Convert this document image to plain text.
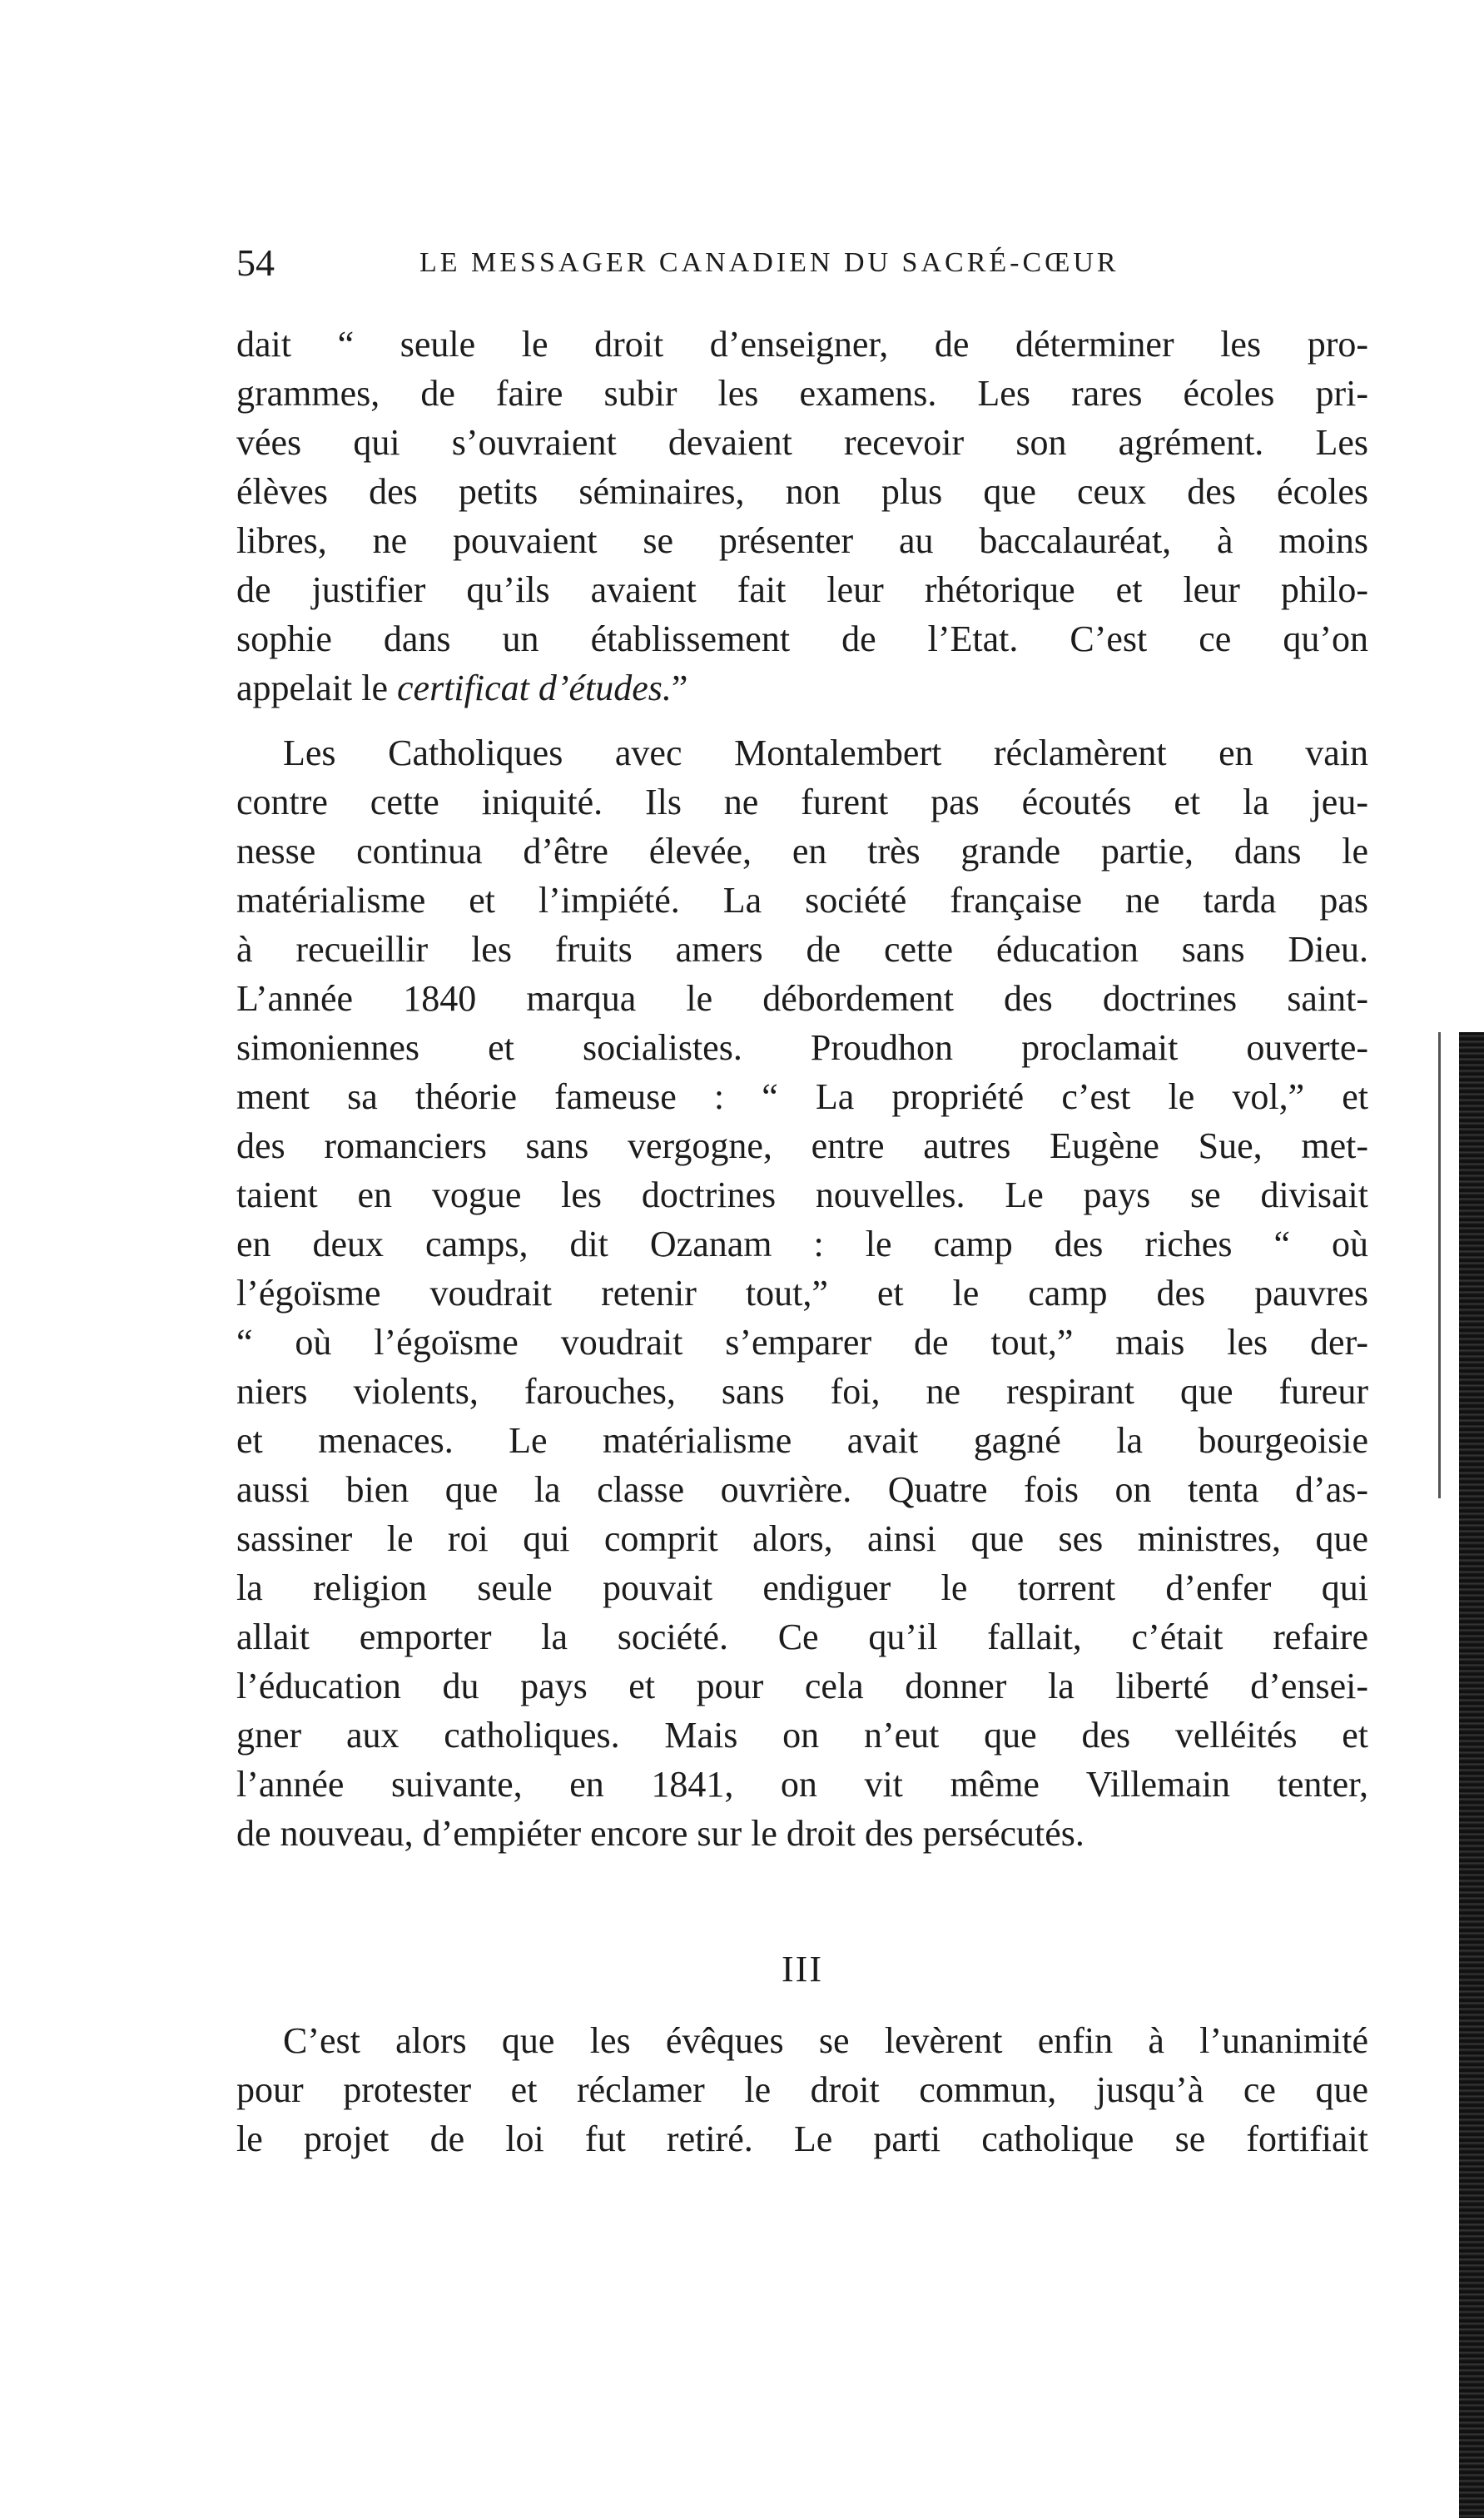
54	LE MESSAGER CANADIEN DU SACRÉ-CŒUR
dait “ seule le droit d’enseigner, de déterminer les pro-
grammes, de faire subir les examens. Les rares écoles pri-
vées qui s’ouvraient devaient recevoir son agrément. Les
élèves des petits séminaires, non plus que ceux des écoles
libres, ne pouvaient se présenter au baccalauréat, à moins
de justifier qu’ils avaient fait leur rhétorique et leur philo-
sophie dans un établissement de l’Etat. C’est ce qu’on
appelait le certificat d’études.”
Les Catholiques avec Montalembert réclamèrent en vain
contre cette iniquité. Ils ne furent pas écoutés et la jeu-
nesse continua d’être élevée, en très grande partie, dans le
matérialisme et l’impiété. La société française ne tarda pas
à recueillir les fruits amers de cette éducation sans Dieu.
L’année 1840 marqua le débordement des doctrines saint-
simoniennes et socialistes. Proudhon proclamait ouverte-
ment sa théorie fameuse : “ La propriété c’est le vol,” et
des romanciers sans vergogne, entre autres Eugène Sue, met-
taient en vogue les doctrines nouvelles. Le pays se divisait
en deux camps, dit Ozanam : le camp des riches “ où
l’égoïsme voudrait retenir tout,” et le camp des pauvres
“ où l’égoïsme voudrait s’emparer de tout,” mais les der-
niers violents, farouches, sans foi, ne respirant que fureur
et menaces. Le matérialisme avait gagné la bourgeoisie
aussi bien que la classe ouvrière. Quatre fois on tenta d’as-
sassiner le roi qui comprit alors, ainsi que ses ministres, que
la religion seule pouvait endiguer le torrent d’enfer qui
allait emporter la société. Ce qu’il fallait, c’était refaire
l’éducation du pays et pour cela donner la liberté d’ensei-
gner aux catholiques. Mais on n’eut que des velléités et
l’année suivante, en 1841, on vit même Villemain tenter,
de nouveau, d’empiéter encore sur le droit des persécutés.
III
C’est alors que les évêques se levèrent enfin à l’unanimité
pour protester et réclamer le droit commun, jusqu’à ce que
le projet de loi fut retiré. Le parti catholique se fortifiait
